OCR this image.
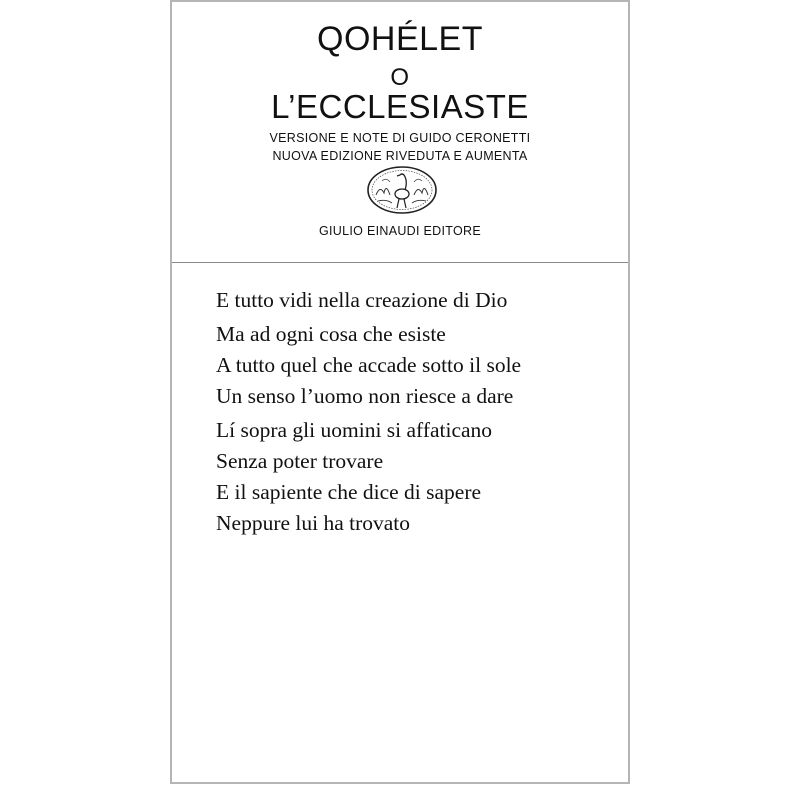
QOHÉLET
O
L’ECCLESIASTE
VERSIONE E NOTE DI GUIDO CERONETTI
NUOVA EDIZIONE RIVEDUTA E AUMENTA
GIULIO EINAUDI EDITORE
E tutto vidi nella creazione di Dio
Ma ad ogni cosa che esiste
A tutto quel che accade sotto il sole
Un senso l’uomo non riesce a dare
Lí sopra gli uomini si affaticano
Senza poter trovare
E il sapiente che dice di sapere
Neppure lui ha trovato
